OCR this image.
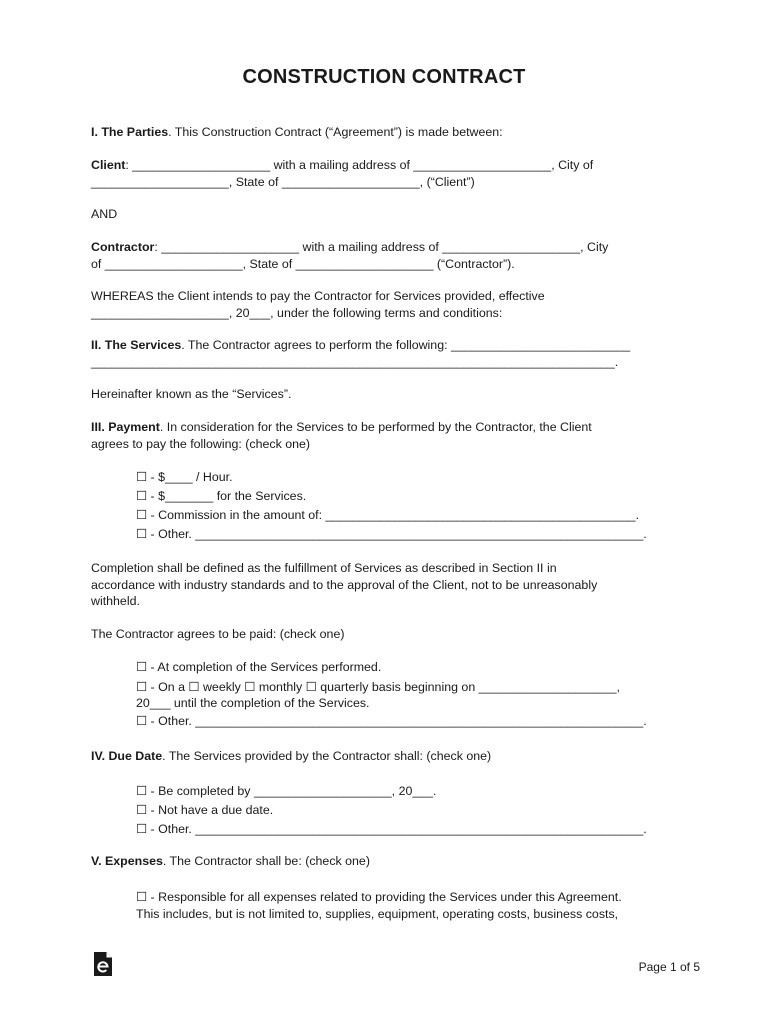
CONSTRUCTION CONTRACT
I. The Parties. This Construction Contract (“Agreement”) is made between:
Client: ____________________ with a mailing address of ____________________, City of
____________________, State of ____________________, (“Client”)
AND
Contractor: ____________________ with a mailing address of ____________________, City
of ____________________, State of ____________________ (“Contractor”).
WHEREAS the Client intends to pay the Contractor for Services provided, effective
____________________, 20___, under the following terms and conditions:
II. The Services. The Contractor agrees to perform the following: __________________________
____________________________________________________________________________.
Hereinafter known as the “Services”.
III. Payment. In consideration for the Services to be performed by the Contractor, the Client
agrees to pay the following: (check one)
☐ - $____ / Hour.
☐ - $_______ for the Services.
☐ - Commission in the amount of: _____________________________________________.
☐ - Other. _________________________________________________________________.
Completion shall be defined as the fulfillment of Services as described in Section II in
accordance with industry standards and to the approval of the Client, not to be unreasonably
withheld.
The Contractor agrees to be paid: (check one)
☐ - At completion of the Services performed.
☐ - On a ☐ weekly ☐ monthly ☐ quarterly basis beginning on ____________________,
20___ until the completion of the Services.
☐ - Other. _________________________________________________________________.
IV. Due Date. The Services provided by the Contractor shall: (check one)
☐ - Be completed by ____________________, 20___.
☐ - Not have a due date.
☐ - Other. _________________________________________________________________.
V. Expenses. The Contractor shall be: (check one)
☐ - Responsible for all expenses related to providing the Services under this Agreement.
This includes, but is not limited to, supplies, equipment, operating costs, business costs,
Page 1 of 5
